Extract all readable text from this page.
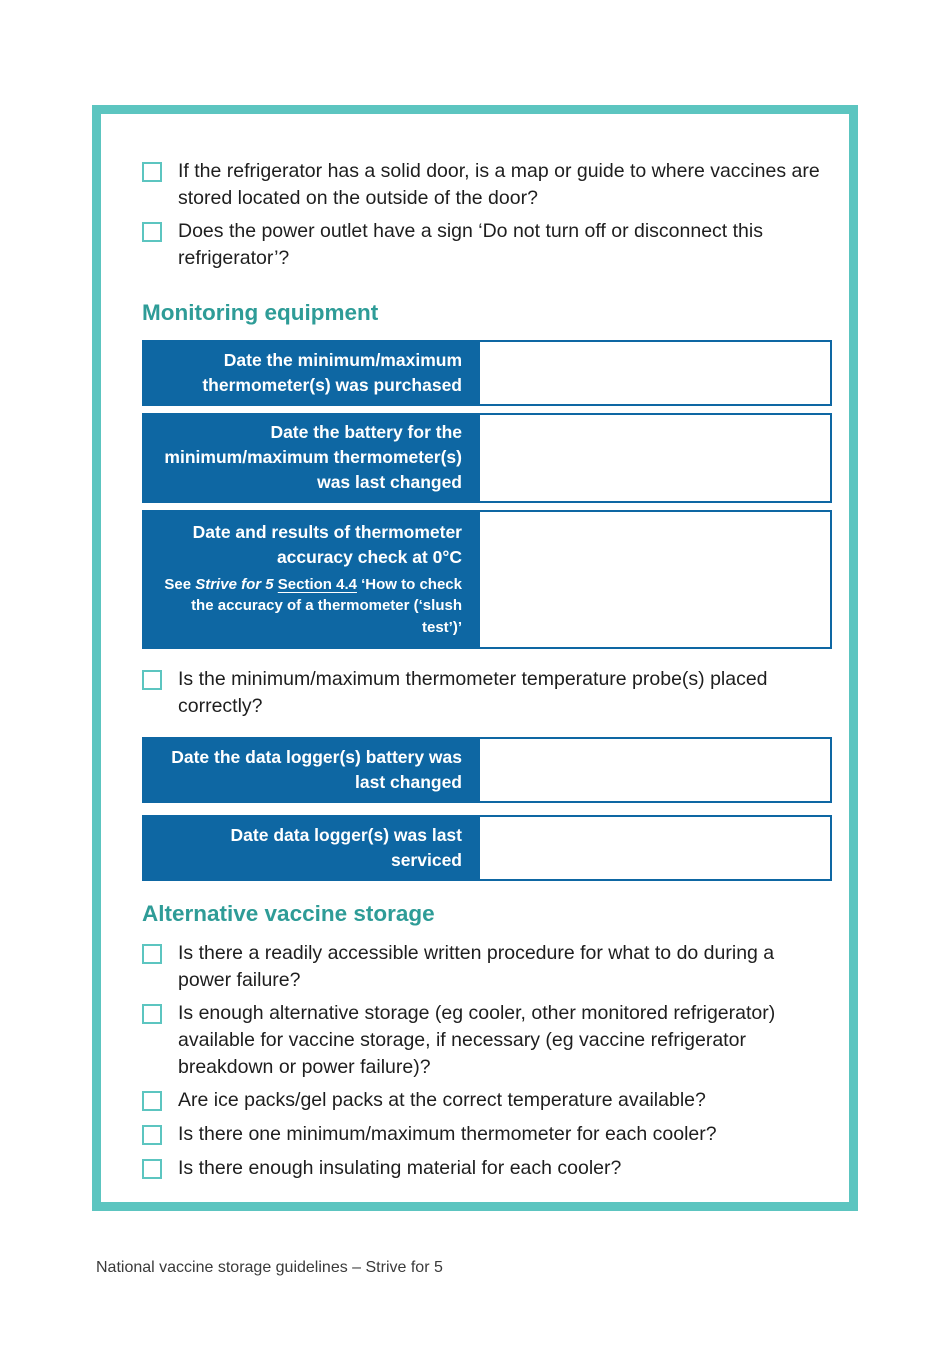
If the refrigerator has a solid door, is a map or guide to where vaccines are stored located on the outside of the door?
Does the power outlet have a sign ‘Do not turn off or disconnect this refrigerator’?
Monitoring equipment
Date the minimum/maximum thermometer(s) was purchased
Date the battery for the minimum/maximum thermometer(s) was last changed
Date and results of thermometer accuracy check at 0°C
See Strive for 5 Section 4.4 ‘How to check the accuracy of a thermometer (‘slush test’)’
Is the minimum/maximum thermometer temperature probe(s) placed correctly?
Date the data logger(s) battery was last changed
Date data logger(s) was last serviced
Alternative vaccine storage
Is there a readily accessible written procedure for what to do during a power failure?
Is enough alternative storage (eg cooler, other monitored refrigerator) available for vaccine storage, if necessary (eg vaccine refrigerator breakdown or power failure)?
Are ice packs/gel packs at the correct temperature available?
Is there one minimum/maximum thermometer for each cooler?
Is there enough insulating material for each cooler?
National vaccine storage guidelines – Strive for 5
